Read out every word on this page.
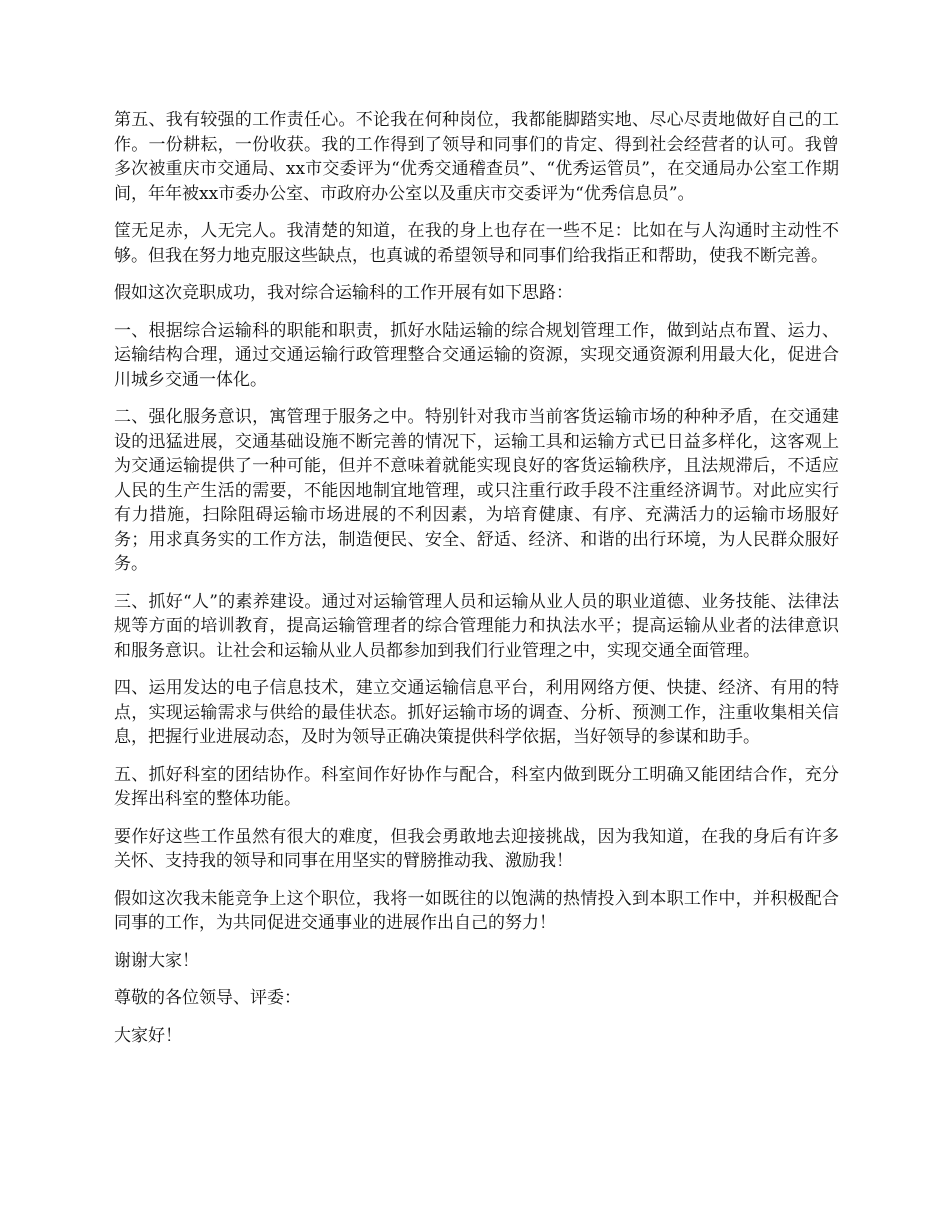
第五、我有较强的工作责任心。不论我在何种岗位，我都能脚踏实地、尽心尽责地做好自己的工作。一份耕耘，一份收获。我的工作得到了领导和同事们的肯定、得到社会经营者的认可。我曾多次被重庆市交通局、xx市交委评为“优秀交通稽查员”、“优秀运管员”，在交通局办公室工作期间，年年被xx市委办公室、市政府办公室以及重庆市交委评为“优秀信息员”。

筐无足赤，人无完人。我清楚的知道，在我的身上也存在一些不足：比如在与人沟通时主动性不够。但我在努力地克服这些缺点，也真诚的希望领导和同事们给我指正和帮助，使我不断完善。

假如这次竞职成功，我对综合运输科的工作开展有如下思路：

一、根据综合运输科的职能和职责，抓好水陆运输的综合规划管理工作，做到站点布置、运力、运输结构合理，通过交通运输行政管理整合交通运输的资源，实现交通资源利用最大化，促进合川城乡交通一体化。

二、强化服务意识，寓管理于服务之中。特别针对我市当前客货运输市场的种种矛盾，在交通建设的迅猛进展，交通基础设施不断完善的情况下，运输工具和运输方式已日益多样化，这客观上为交通运输提供了一种可能，但并不意味着就能实现良好的客货运输秩序，且法规滞后，不适应人民的生产生活的需要，不能因地制宜地管理，或只注重行政手段不注重经济调节。对此应实行有力措施，扫除阻碍运输市场进展的不利因素，为培育健康、有序、充满活力的运输市场服好务；用求真务实的工作方法，制造便民、安全、舒适、经济、和谐的出行环境，为人民群众服好务。

三、抓好“人”的素养建设。通过对运输管理人员和运输从业人员的职业道德、业务技能、法律法规等方面的培训教育，提高运输管理者的综合管理能力和执法水平；提高运输从业者的法律意识和服务意识。让社会和运输从业人员都参加到我们行业管理之中，实现交通全面管理。

四、运用发达的电子信息技术，建立交通运输信息平台，利用网络方便、快捷、经济、有用的特点，实现运输需求与供给的最佳状态。抓好运输市场的调查、分析、预测工作，注重收集相关信息，把握行业进展动态，及时为领导正确决策提供科学依据，当好领导的参谋和助手。

五、抓好科室的团结协作。科室间作好协作与配合，科室内做到既分工明确又能团结合作，充分发挥出科室的整体功能。

要作好这些工作虽然有很大的难度，但我会勇敢地去迎接挑战，因为我知道，在我的身后有许多关怀、支持我的领导和同事在用坚实的臂膀推动我、激励我！

假如这次我未能竞争上这个职位，我将一如既往的以饱满的热情投入到本职工作中，并积极配合同事的工作，为共同促进交通事业的进展作出自己的努力！

谢谢大家！

尊敬的各位领导、评委：

大家好！
